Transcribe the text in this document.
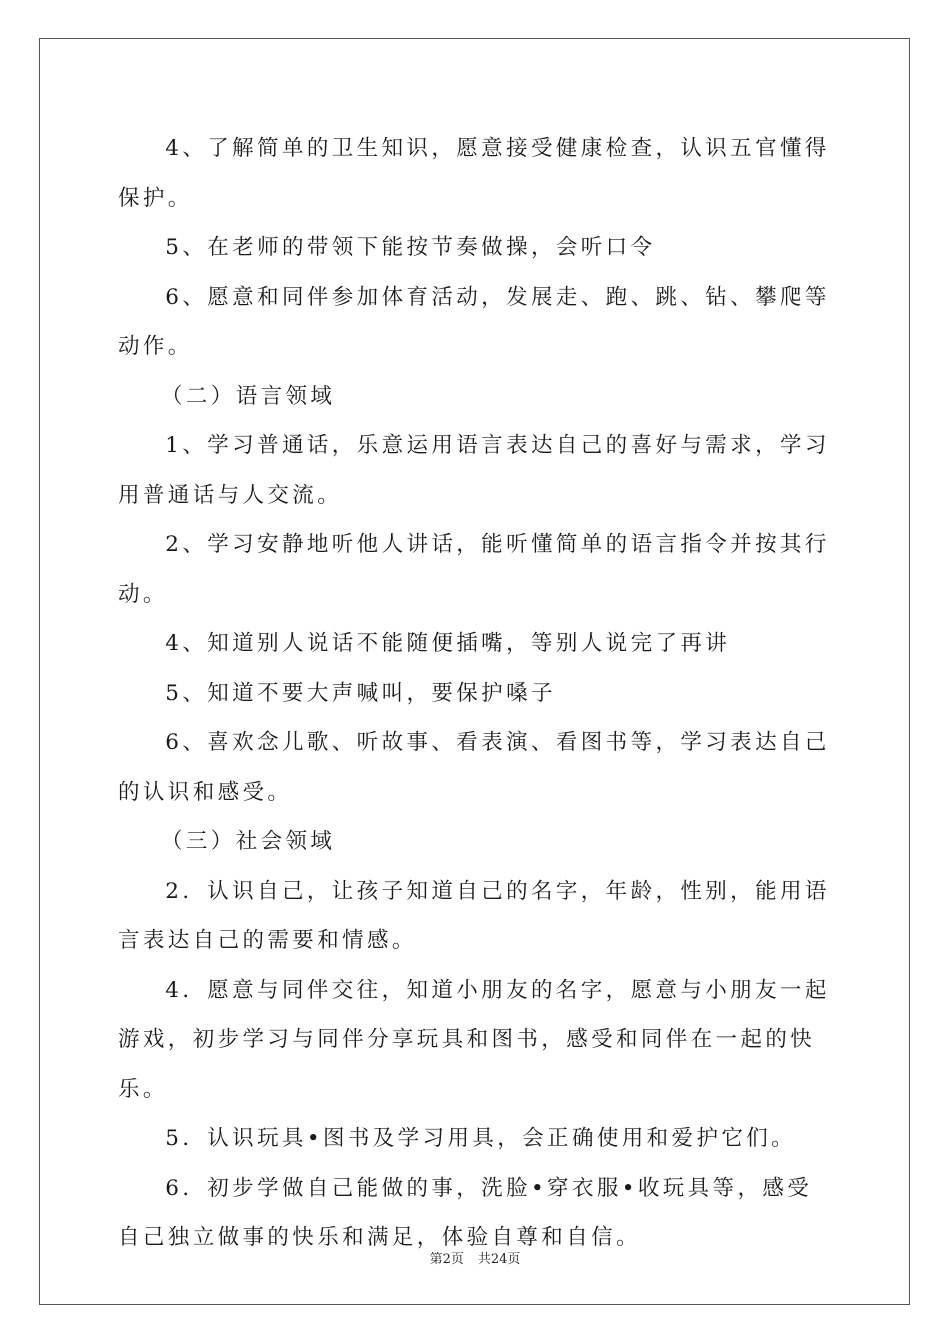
4、了解简单的卫生知识，愿意接受健康检查，认识五官懂得保护。

5、在老师的带领下能按节奏做操，会听口令

6、愿意和同伴参加体育活动，发展走、跑、跳、钻、攀爬等动作。

（二）语言领域

1、学习普通话，乐意运用语言表达自己的喜好与需求，学习用普通话与人交流。

2、学习安静地听他人讲话，能听懂简单的语言指令并按其行动。

4、知道别人说话不能随便插嘴，等别人说完了再讲

5、知道不要大声喊叫，要保护嗓子

6、喜欢念儿歌、听故事、看表演、看图书等，学习表达自己的认识和感受。

（三）社会领域

2．认识自己，让孩子知道自己的名字，年龄，性别，能用语言表达自己的需要和情感。

4．愿意与同伴交往，知道小朋友的名字，愿意与小朋友一起游戏，初步学习与同伴分享玩具和图书，感受和同伴在一起的快乐。

5．认识玩具•图书及学习用具，会正确使用和爱护它们。

6．初步学做自己能做的事，洗脸•穿衣服•收玩具等，感受自己独立做事的快乐和满足，体验自尊和自信。

第2页 共24页
